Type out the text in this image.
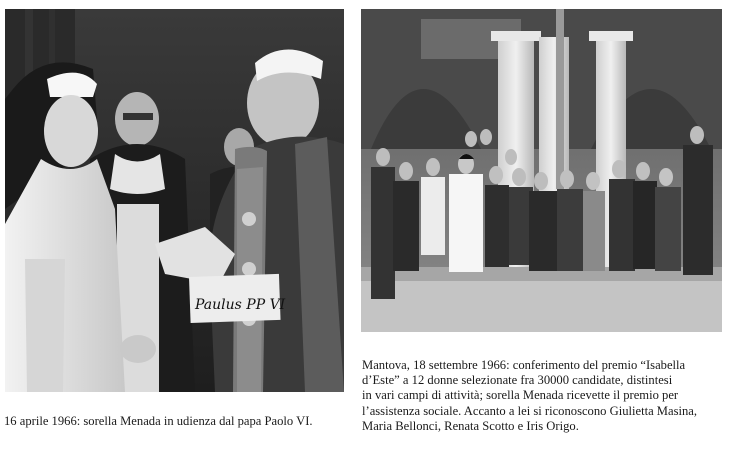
Paulus PP VI
16 aprile 1966: sorella Menada in udienza dal papa Paolo VI.
Mantova, 18 settembre 1966: conferimento del premio “Isabella
d’Este” a 12 donne selezionate fra 30000 candidate, distintesi
in vari campi di attività; sorella Menada ricevette il premio per
l’assistenza sociale. Accanto a lei si riconoscono Giulietta Masina,
Maria Bellonci, Renata Scotto e Iris Origo.
